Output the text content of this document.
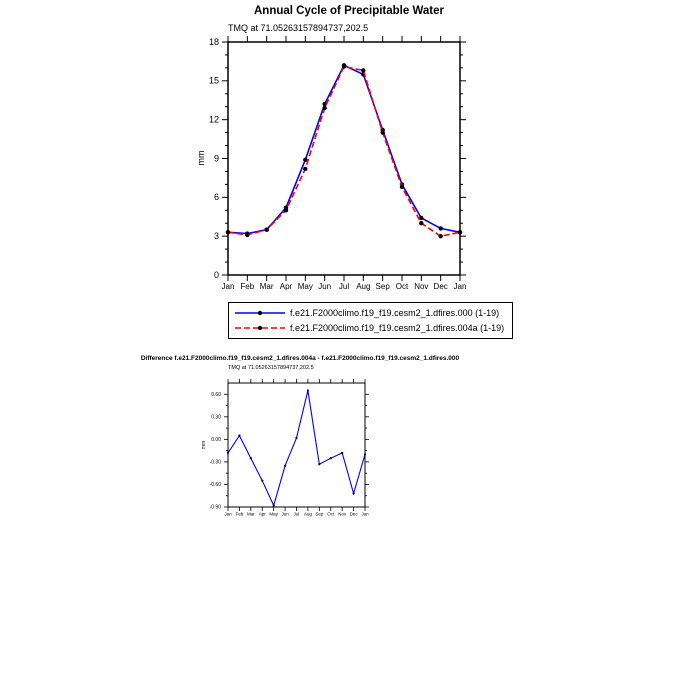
Annual Cycle of Precipitable Water
TMQ at 71.05263157894737,202.5
0
3
6
9
12
15
18
Jan Feb Mar Apr May Jun Jul Aug Sep Oct Nov Dec Jan
mm
f.e21.F2000climo.f19_f19.cesm2_1.dfires.000 (1-19)
f.e21.F2000climo.f19_f19.cesm2_1.dfires.004a (1-19)
Difference f.e21.F2000climo.f19_f19.cesm2_1.dfires.004a - f.e21.F2000climo.f19_f19.cesm2_1.dfires.000
TMQ at 71.05263157894737,202.5
-0.90
-0.60
-0.30
0.00
0.30
0.60
Jan Feb Mar Apr May Jun Jul Aug Sep Oct Nov Dec Jan
mm
